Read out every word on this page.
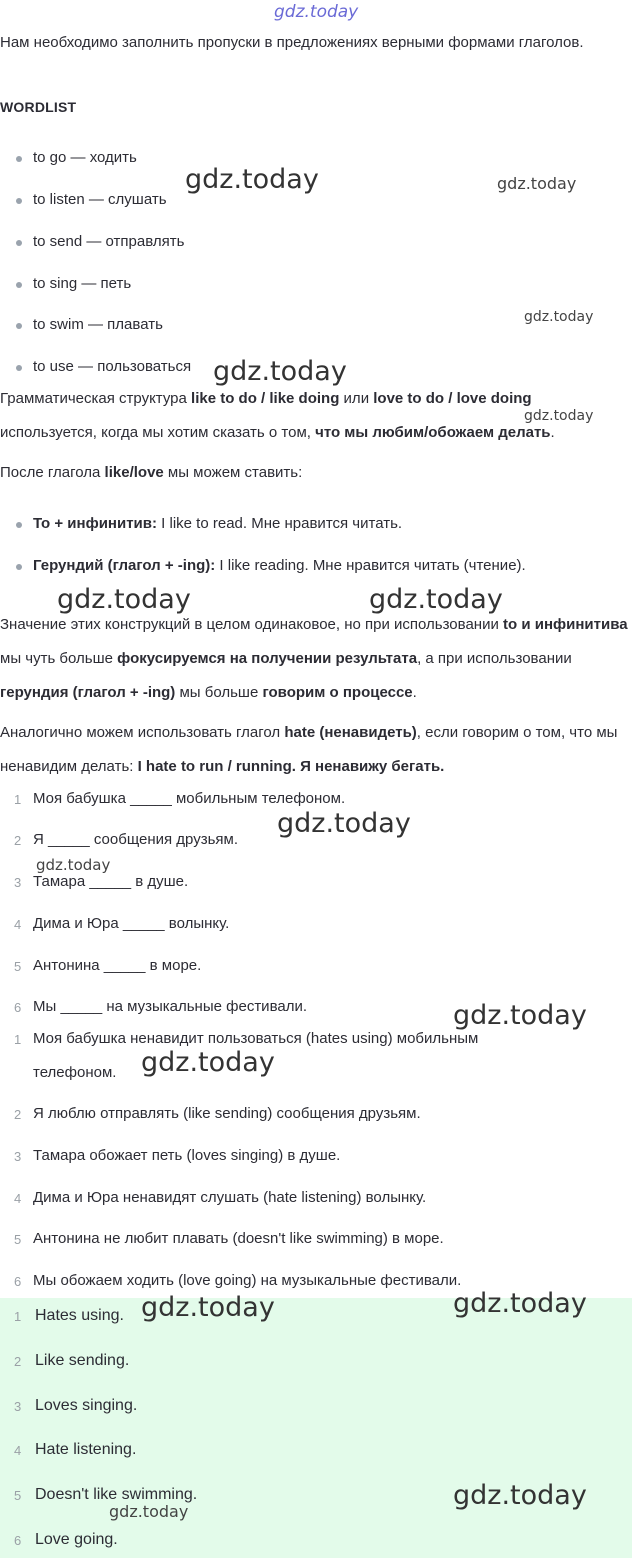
gdz.today
gdz.today	gdz.today
gdz.today
gdz.today
gdz.today
gdz.today	gdz.today
gdz.today
gdz.today
gdz.today
gdz.today
gdz.today	gdz.today
gdz.today
gdz.today

Нам необходимо заполнить пропуски в предложениях верными формами глаголов.

WORDLIST
to go — ходить
to listen — слушать
to send — отправлять
to sing — петь
to swim — плавать
to use — пользоваться

Грамматическая структура like to do / like doing или love to do / love doing используется, когда мы хотим сказать о том, что мы любим/обожаем делать.

После глагола like/love мы можем ставить:

To + инфинитив: I like to read. Мне нравится читать.
Герундий (глагол + -ing): I like reading. Мне нравится читать (чтение).

Значение этих конструкций в целом одинаковое, но при использовании to и инфинитива мы чуть больше фокусируемся на получении результата, а при использовании герундия (глагол + -ing) мы больше говорим о процессе.

Аналогично можем использовать глагол hate (ненавидеть), если говорим о том, что мы ненавидим делать: I hate to run / running. Я ненавижу бегать.

1 Моя бабушка _____ мобильным телефоном.
2 Я _____ сообщения друзьям.
3 Тамара _____ в душе.
4 Дима и Юра _____ волынку.
5 Антонина _____ в море.
6 Мы _____ на музыкальные фестивали.
1 Моя бабушка ненавидит пользоваться (hates using) мобильным телефоном.
2 Я люблю отправлять (like sending) сообщения друзьям.
3 Тамара обожает петь (loves singing) в душе.
4 Дима и Юра ненавидят слушать (hate listening) волынку.
5 Антонина не любит плавать (doesn't like swimming) в море.
6 Мы обожаем ходить (love going) на музыкальные фестивали.
1 Hates using.
2 Like sending.
3 Loves singing.
4 Hate listening.
5 Doesn't like swimming.
6 Love going.
